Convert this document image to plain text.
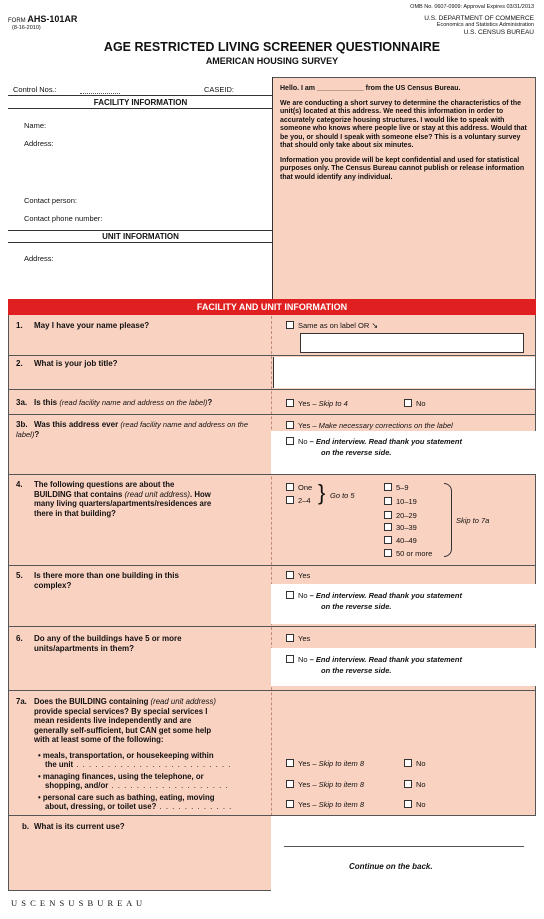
OMB No. 0607-0909: Approval Expires 03/31/2013
FORM AHS-101AR
(8-16-2010)
U.S. DEPARTMENT OF COMMERCE
Economics and Statistics Administration
U.S. CENSUS BUREAU
AGE RESTRICTED LIVING SCREENER QUESTIONNAIRE
AMERICAN HOUSING SURVEY
Control Nos.:	CASEID:
FACILITY INFORMATION
Name:
Address:
Contact person:
Contact phone number:
UNIT INFORMATION
Address:
Hello. I am ____________ from the US Census Bureau.
We are conducting a short survey to determine the characteristics of the unit(s) located at this address. We need this information in order to accurately categorize housing structures. I would like to speak with someone who knows where people live or stay at this address. Would that be you, or should I speak with someone else? This is a voluntary survey that should only take about six minutes.
Information you provide will be kept confidential and used for statistical purposes only. The Census Bureau cannot publish or release information that would identify any individual.
FACILITY AND UNIT INFORMATION
1. May I have your name please?	Same as on label OR ↘
2. What is your job title?
3a. Is this (read facility name and address on the label)?	Yes – Skip to 4	No
3b. Was this address ever (read facility name and address on the label)?
Yes – Make necessary corrections on the label
No – End interview. Read thank you statement
on the reverse side.
4. The following questions are about the
BUILDING that contains (read unit address). How
many living quarters/apartments/residences are
there in that building?
One
2–4 } Go to 5
5–9
10–19
20–29
30–39
40–49
50 or more
Skip to 7a
5. Is there more than one building in this
complex?
Yes
No – End interview. Read thank you statement
on the reverse side.
6. Do any of the buildings have 5 or more
units/apartments in them?
Yes
No – End interview. Read thank you statement
on the reverse side.
7a. Does the BUILDING containing (read unit address)
provide special services? By special services I
mean residents live independently and are
generally self-sufficient, but CAN get some help
with at least some of the following:
• meals, transportation, or housekeeping within
the unit . . . . . . . . . . . . . . . . . . . . . . . . .
• managing finances, using the telephone, or
shopping, and/or . . . . . . . . . . . . . . . . . . .
• personal care such as bathing, eating, moving
about, dressing, or toilet use? . . . . . . . . . . . .
Yes – Skip to item 8	No
Yes – Skip to item 8	No
Yes – Skip to item 8	No
b. What is its current use?
Continue on the back.
U S C E N S U S B U R E A U
